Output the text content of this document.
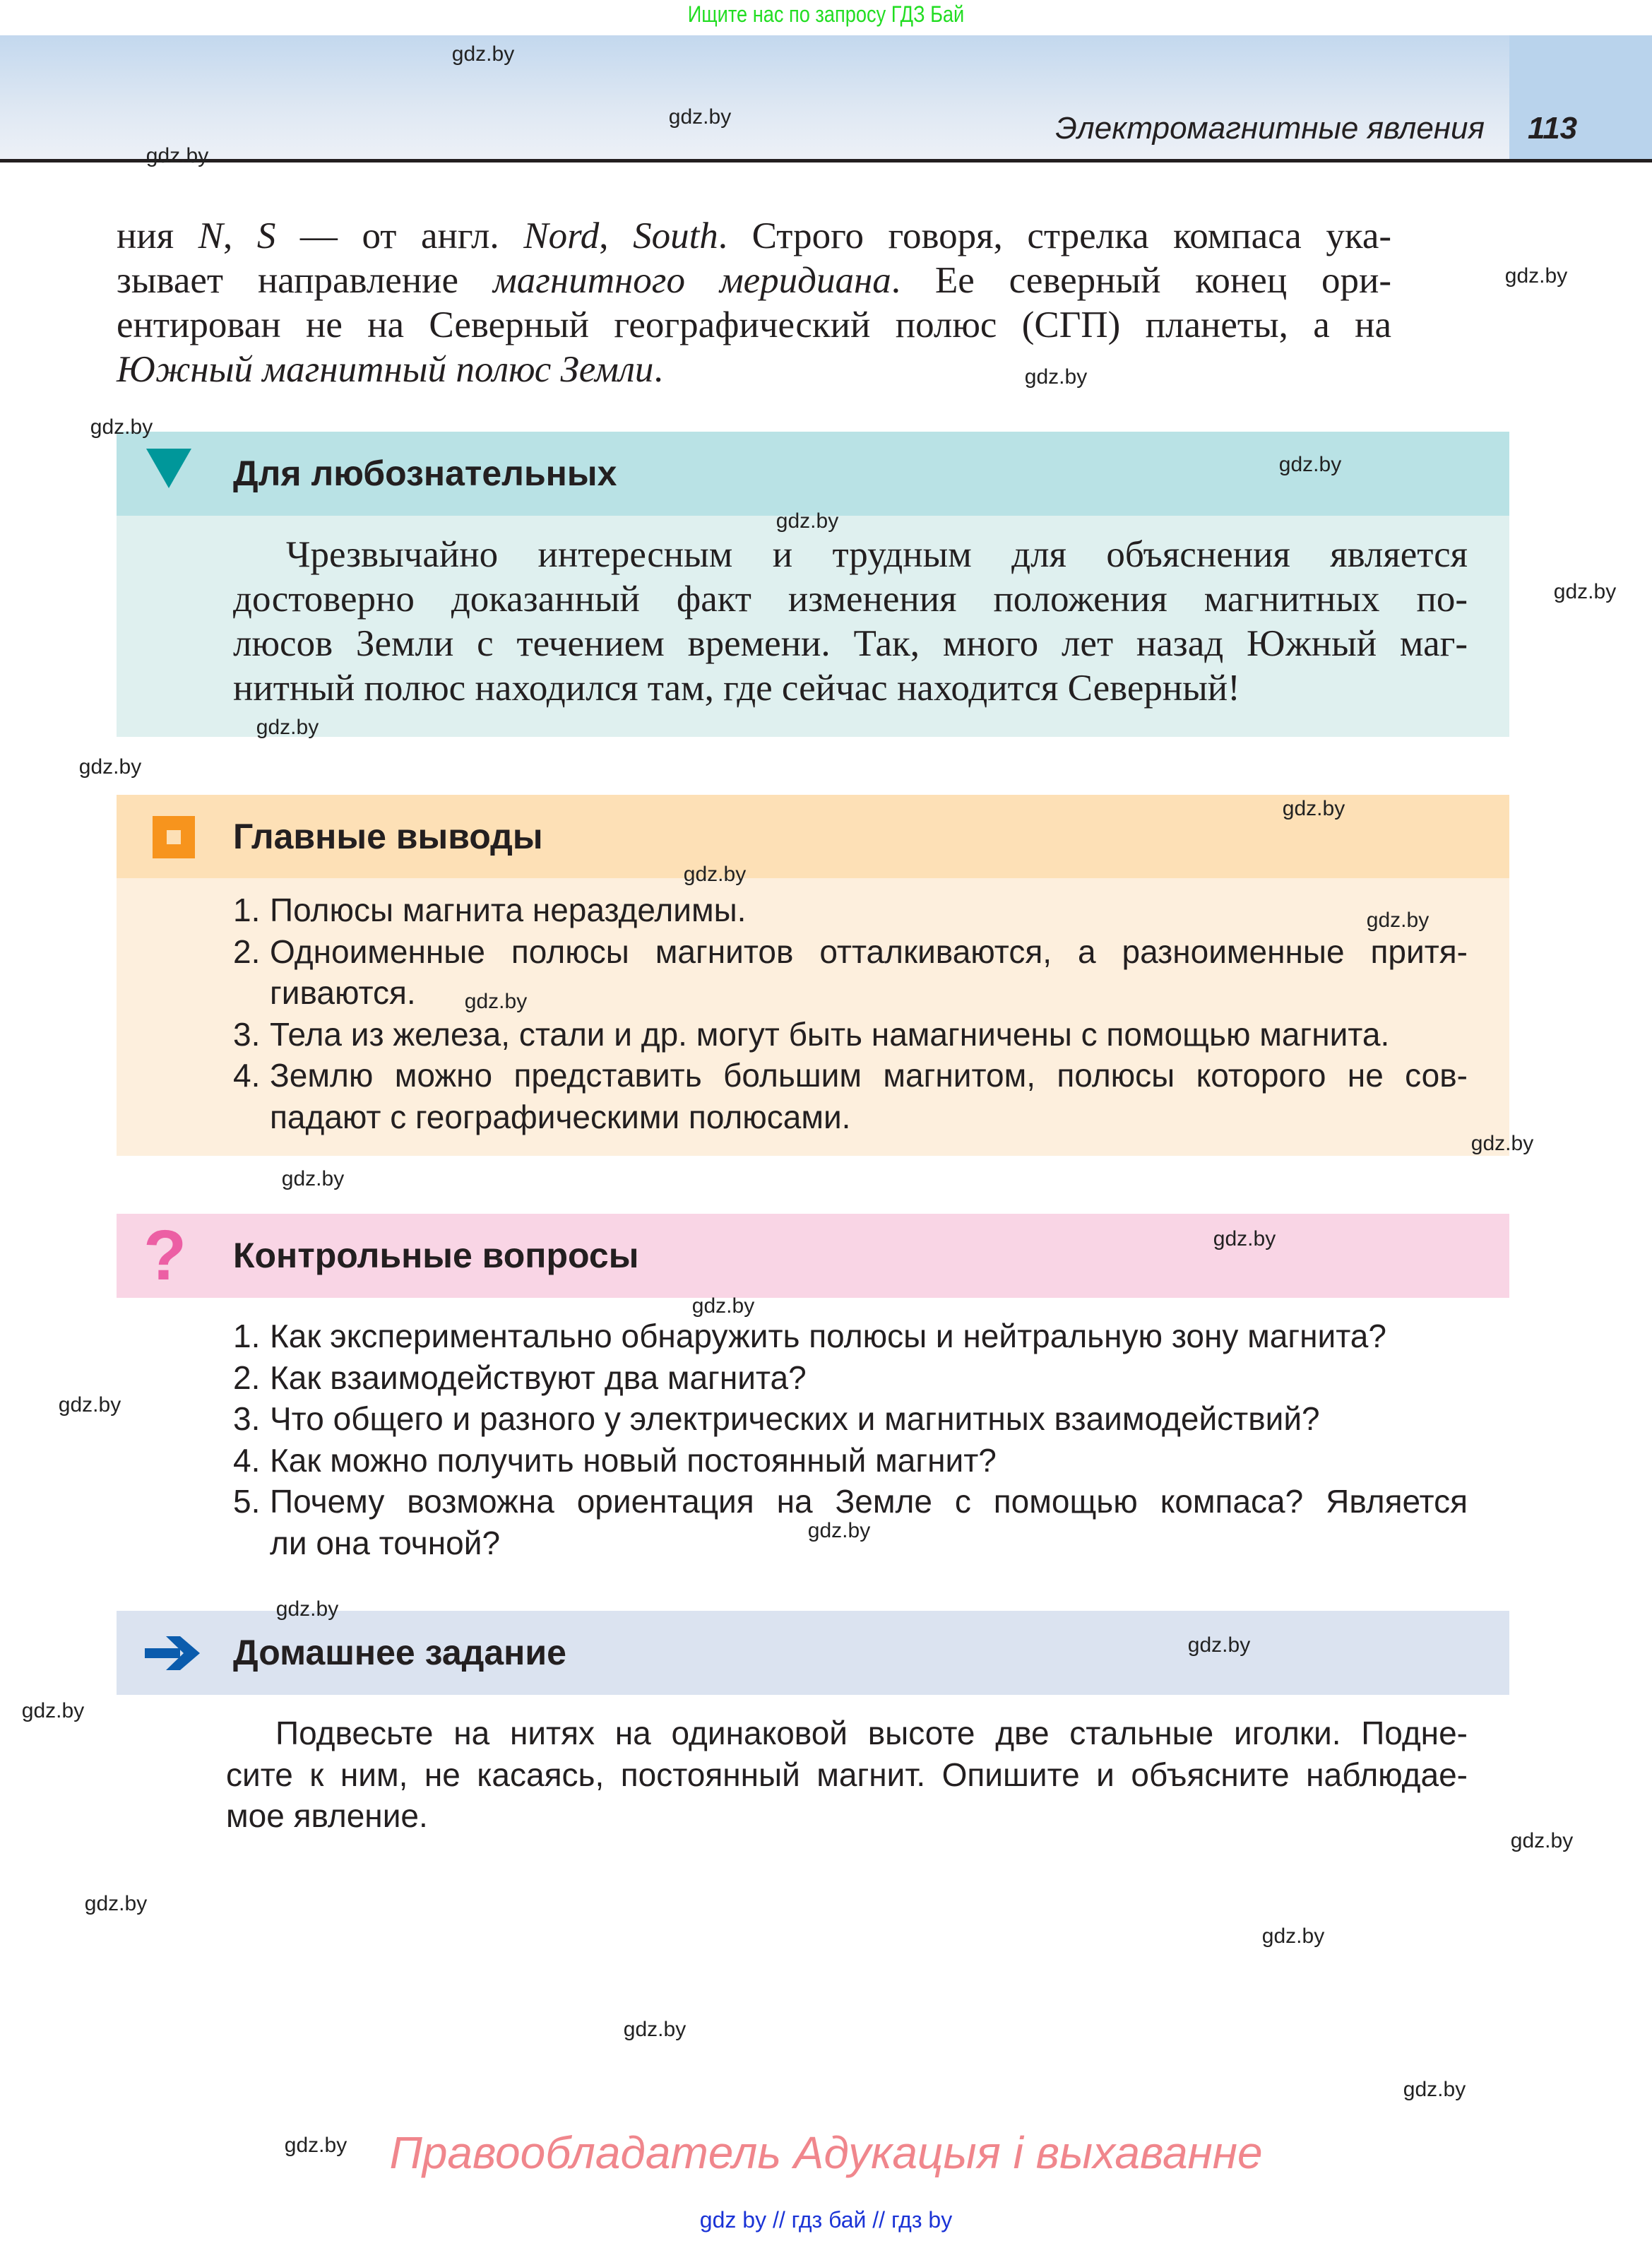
Ищите нас по запросу ГДЗ Бай
Электромагнитные явления 113
ния N, S — от англ. Nord, South. Строго говоря, стрелка компаса ука-
зывает направление магнитного меридиана. Ее северный конец ори-
ентирован не на Северный географический полюс (СГП) планеты, а на
Южный магнитный полюс Земли.
Для любознательных
Чрезвычайно интересным и трудным для объяснения является
достоверно доказанный факт изменения положения магнитных по-
люсов Земли с течением времени. Так, много лет назад Южный маг-
нитный полюс находился там, где сейчас находится Северный!
Главные выводы
1. Полюсы магнита неразделимы.
2. Одноименные полюсы магнитов отталкиваются, а разноименные притя-
гиваются.
3. Тела из железа, стали и др. могут быть намагничены с помощью магнита.
4. Землю можно представить большим магнитом, полюсы которого не сов-
падают с географическими полюсами.
? Контрольные вопросы
1. Как экспериментально обнаружить полюсы и нейтральную зону магнита?
2. Как взаимодействуют два магнита?
3. Что общего и разного у электрических и магнитных взаимодействий?
4. Как можно получить новый постоянный магнит?
5. Почему возможна ориентация на Земле с помощью компаса? Является
ли она точной?
Домашнее задание
Подвесьте на нитях на одинаковой высоте две стальные иголки. Подне-
сите к ним, не касаясь, постоянный магнит. Опишите и объясните наблюдае-
мое явление.
Правообладатель Адукацыя і выхаванне
gdz by // гдз бай // гдз by
gdz.by
gdz.by
gdz.by
gdz.by
gdz.by
gdz.by
gdz.by
gdz.by
gdz.by
gdz.by
gdz.by
gdz.by
gdz.by
gdz.by
gdz.by
gdz.by
gdz.by
gdz.by
gdz.by
gdz.by
gdz.by
gdz.by
gdz.by
gdz.by
gdz.by
gdz.by
gdz.by
gdz.by
gdz.by
gdz.by
